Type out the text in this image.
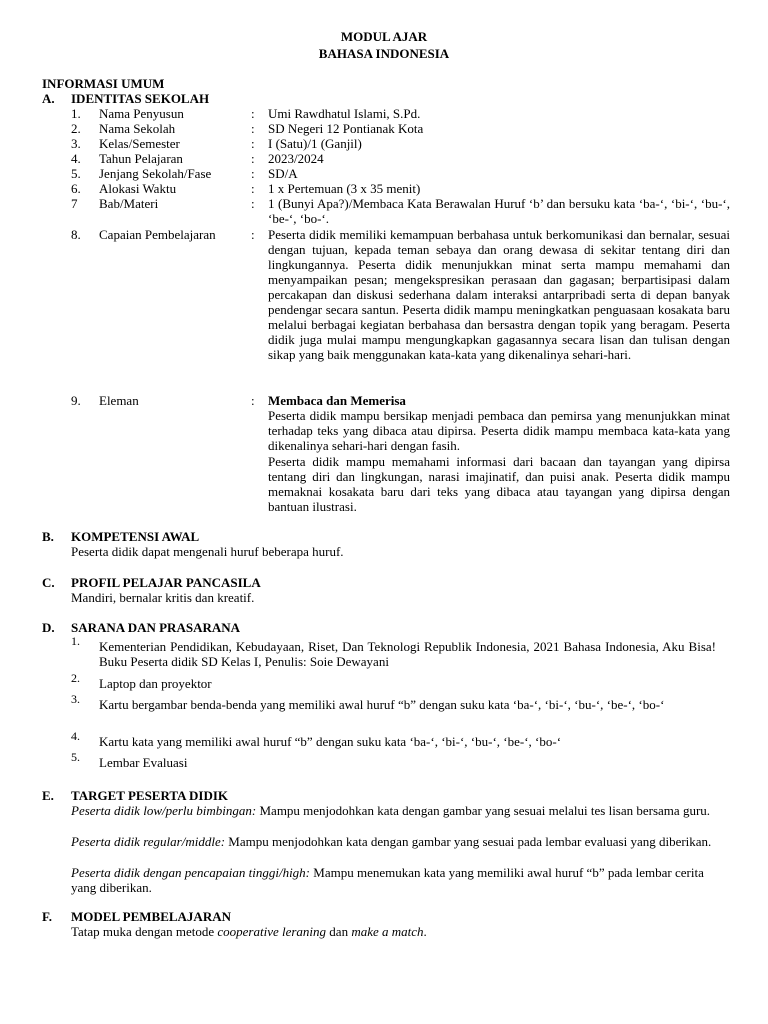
MODUL AJAR
BAHASA INDONESIA
INFORMASI UMUM
A. IDENTITAS SEKOLAH
1. Nama Penyusun	: Umi Rawdhatul Islami, S.Pd.
2. Nama Sekolah	: SD Negeri 12 Pontianak Kota
3. Kelas/Semester	: I (Satu)/1 (Ganjil)
4. Tahun Pelajaran	: 2023/2024
5. Jenjang Sekolah/Fase	: SD/A
6. Alokasi Waktu	: 1 x Pertemuan (3 x 35 menit)
7 Bab/Materi	: 1 (Bunyi Apa?)/Membaca Kata Berawalan Huruf ‘b’ dan bersuku kata ‘ba-‘, ‘bi-‘, ‘bu-‘, ‘be-‘, ‘bo-‘.
8. Capaian Pembelajaran	: Peserta didik memiliki kemampuan berbahasa untuk berkomunikasi dan bernalar, sesuai dengan tujuan, kepada teman sebaya dan orang dewasa di sekitar tentang diri dan lingkungannya. Peserta didik menunjukkan minat serta mampu memahami dan menyampaikan pesan; mengekspresikan perasaan dan gagasan; berpartisipasi dalam percakapan dan diskusi sederhana dalam interaksi antarpribadi serta di depan banyak pendengar secara santun. Peserta didik mampu meningkatkan penguasaan kosakata baru melalui berbagai kegiatan berbahasa dan bersastra dengan topik yang beragam. Peserta didik juga mulai mampu mengungkapkan gagasannya secara lisan dan tulisan dengan sikap yang baik menggunakan kata-kata yang dikenalinya sehari-hari.
9. Eleman	: Membaca dan Memerisa
Peserta didik mampu bersikap menjadi pembaca dan pemirsa yang menunjukkan minat terhadap teks yang dibaca atau dipirsa. Peserta didik mampu membaca kata-kata yang dikenalinya sehari-hari dengan fasih.
Peserta didik mampu memahami informasi dari bacaan dan tayangan yang dipirsa tentang diri dan lingkungan, narasi imajinatif, dan puisi anak. Peserta didik mampu memaknai kosakata baru dari teks yang dibaca atau tayangan yang dipirsa dengan bantuan ilustrasi.
B. KOMPETENSI AWAL
Peserta didik dapat mengenali huruf beberapa huruf.
C. PROFIL PELAJAR PANCASILA
Mandiri, bernalar kritis dan kreatif.
D. SARANA DAN PRASARANA
1. Kementerian Pendidikan, Kebudayaan, Riset, Dan Teknologi Republik Indonesia, 2021 Bahasa Indonesia, Aku Bisa! Buku Peserta didik SD Kelas I, Penulis: Soie Dewayani
2. Laptop dan proyektor
3. Kartu bergambar benda-benda yang memiliki awal huruf “b” dengan suku kata ‘ba-‘, ‘bi-‘, ‘bu-‘, ‘be-‘, ‘bo-‘
4. Kartu kata yang memiliki awal huruf “b” dengan suku kata ‘ba-‘, ‘bi-‘, ‘bu-‘, ‘be-‘, ‘bo-‘
5. Lembar Evaluasi
E. TARGET PESERTA DIDIK
Peserta didik low/perlu bimbingan: Mampu menjodohkan kata dengan gambar yang sesuai melalui tes lisan bersama guru.
Peserta didik regular/middle: Mampu menjodohkan kata dengan gambar yang sesuai pada lembar evaluasi yang diberikan.
Peserta didik dengan pencapaian tinggi/high: Mampu menemukan kata yang memiliki awal huruf “b” pada lembar cerita yang diberikan.
F. MODEL PEMBELAJARAN
Tatap muka dengan metode cooperative leraning dan make a match.
